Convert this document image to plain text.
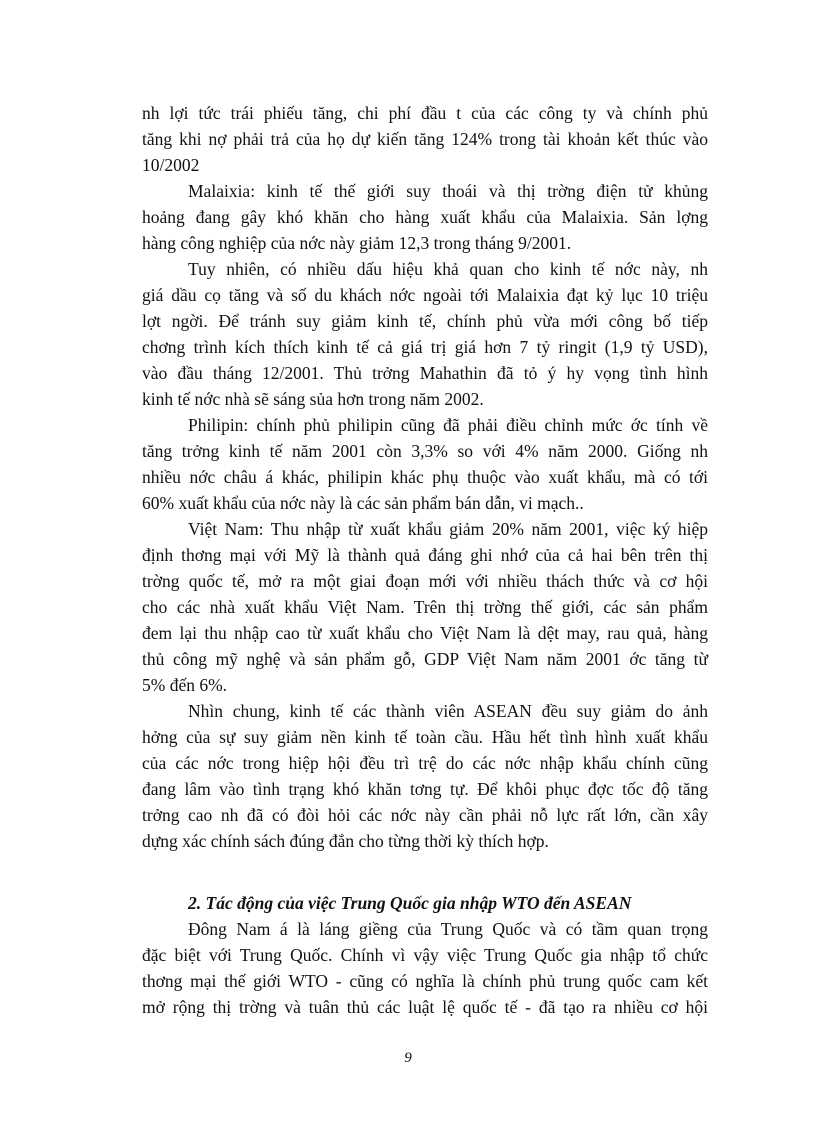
nh lợi tức trái phiếu tăng, chi phí đầu t của các công ty và chính phủ
tăng khi nợ phải trả của họ dự kiến tăng 124% trong tài khoản kết thúc vào
10/2002
Malaixia: kinh tế thế giới suy thoái và thị trờng điện tử khủng
hoảng đang gây khó khăn cho hàng xuất khẩu của Malaixia. Sản lợng
hàng công nghiệp của nớc này giảm 12,3 trong tháng 9/2001.
Tuy nhiên, có nhiều dấu hiệu khả quan cho kinh tế nớc này, nh
giá dầu cọ tăng và số du khách nớc ngoài tới Malaixia đạt kỷ lục 10 triệu
lợt ngời. Để tránh suy giảm kinh tế, chính phủ vừa mới công bố tiếp
chơng trình kích thích kinh tế cả giá trị giá hơn 7 tỷ ringit (1,9 tỷ USD),
vào đầu tháng 12/2001. Thủ trởng Mahathin đã tỏ ý hy vọng tình hình
kinh tế nớc nhà sẽ sáng sủa hơn trong năm 2002.
Philipin: chính phủ philipin cũng đã phải điều chỉnh mức ớc tính về
tăng trởng kinh tế năm 2001 còn 3,3% so với 4% năm 2000. Giống nh
nhiều nớc châu á khác, philipin khác phụ thuộc vào xuất khẩu, mà có tới
60% xuất khẩu của nớc này là các sản phẩm bán dẫn, vi mạch..
Việt Nam: Thu nhập từ xuất khẩu giảm 20% năm 2001, việc ký hiệp
định thơng mại với Mỹ là thành quả đáng ghi nhớ của cả hai bên trên thị
trờng quốc tế, mở ra một giai đoạn mới với nhiều thách thức và cơ hội
cho các nhà xuất khẩu Việt Nam. Trên thị trờng thế giới, các sản phẩm
đem lại thu nhập cao từ xuất khẩu cho Việt Nam là dệt may, rau quả, hàng
thủ công mỹ nghệ và sản phẩm gỗ, GDP Việt Nam năm 2001 ớc tăng từ
5% đến 6%.
Nhìn chung, kinh tế các thành viên ASEAN đều suy giảm do ảnh
hởng của sự suy giảm nền kinh tế toàn cầu. Hầu hết tình hình xuất khẩu
của các nớc trong hiệp hội đều trì trệ do các nớc nhập khẩu chính cũng
đang lâm vào tình trạng khó khăn tơng tự. Để khôi phục đợc tốc độ tăng
trởng cao nh đã có đòi hỏi các nớc này cần phải nỗ lực rất lớn, cần xây
dựng xác chính sách đúng đắn cho từng thời kỳ thích hợp.
2. Tác động của việc Trung Quốc gia nhập WTO đến ASEAN
Đông Nam á là láng giềng của Trung Quốc và có tầm quan trọng
đặc biệt với Trung Quốc. Chính vì vậy việc Trung Quốc gia nhập tổ chức
thơng mại thế giới WTO - cũng có nghĩa là chính phủ trung quốc cam kết
mở rộng thị trờng và tuân thủ các luật lệ quốc tế - đã tạo ra nhiều cơ hội
9
